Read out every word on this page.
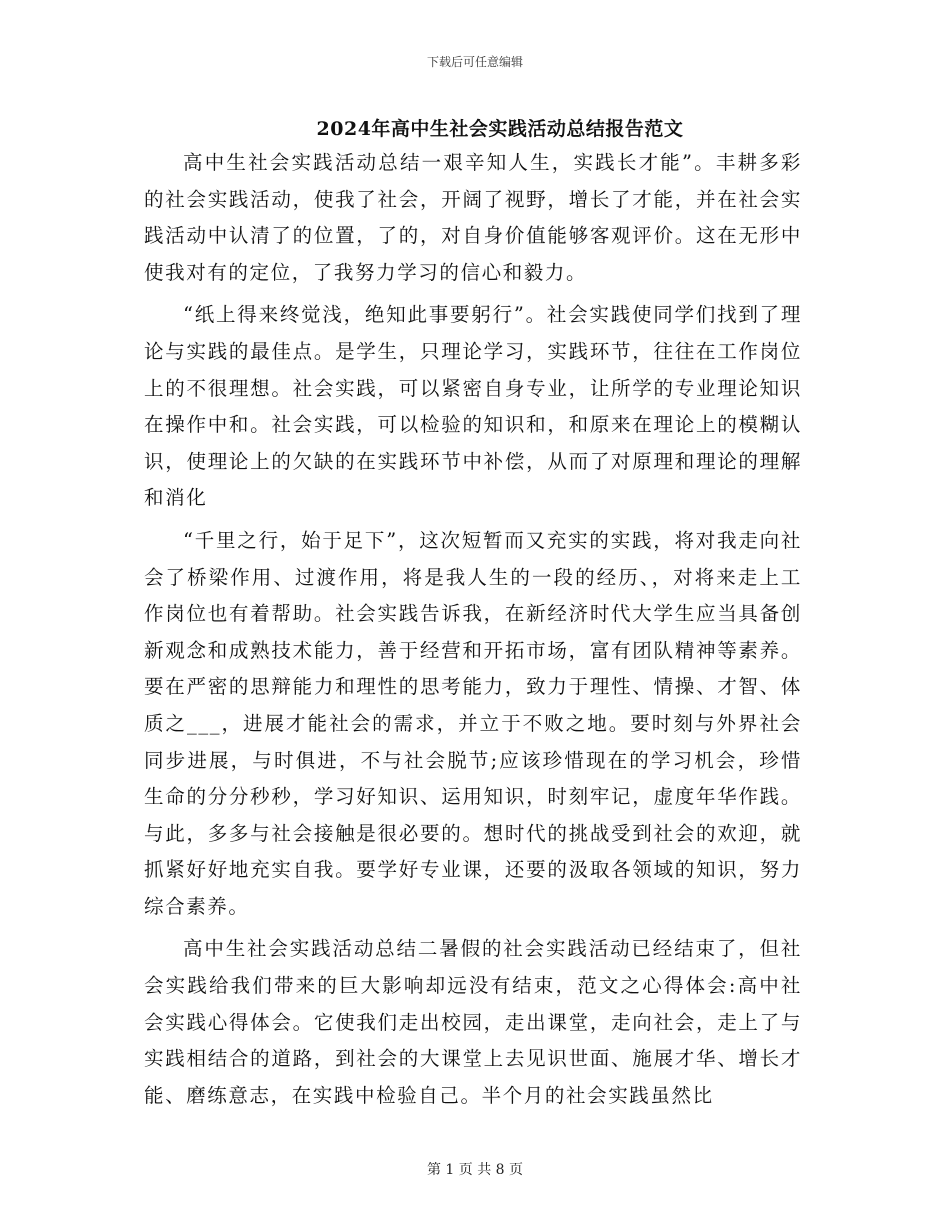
下载后可任意编辑
2024年高中生社会实践活动总结报告范文

高中生社会实践活动总结一艰辛知人生，实践长才能”。丰耕多彩的社会实践活动，使我了社会，开阔了视野，增长了才能，并在社会实践活动中认清了的位置，了的，对自身价值能够客观评价。这在无形中使我对有的定位，了我努力学习的信心和毅力。

“纸上得来终觉浅，绝知此事要躬行”。社会实践使同学们找到了理论与实践的最佳点。是学生，只理论学习，实践环节，往往在工作岗位上的不很理想。社会实践，可以紧密自身专业，让所学的专业理论知识在操作中和。社会实践，可以检验的知识和，和原来在理论上的模糊认识，使理论上的欠缺的在实践环节中补偿，从而了对原理和理论的理解和消化

“千里之行，始于足下”，这次短暂而又充实的实践，将对我走向社会了桥梁作用、过渡作用，将是我人生的一段的经历、，对将来走上工作岗位也有着帮助。社会实践告诉我，在新经济时代大学生应当具备创新观念和成熟技术能力，善于经营和开拓市场，富有团队精神等素养。要在严密的思辩能力和理性的思考能力，致力于理性、情操、才智、体质之___，进展才能社会的需求，并立于不败之地。要时刻与外界社会同步进展，与时俱进，不与社会脱节;应该珍惜现在的学习机会，珍惜生命的分分秒秒，学习好知识、运用知识，时刻牢记，虚度年华作践。与此，多多与社会接触是很必要的。想时代的挑战受到社会的欢迎，就抓紧好好地充实自我。要学好专业课，还要的汲取各领域的知识，努力综合素养。

高中生社会实践活动总结二暑假的社会实践活动已经结束了，但社会实践给我们带来的巨大影响却远没有结束，范文之心得体会:高中社会实践心得体会。它使我们走出校园，走出课堂，走向社会，走上了与实践相结合的道路，到社会的大课堂上去见识世面、施展才华、增长才能、磨练意志，在实践中检验自己。半个月的社会实践虽然比

第 1 页 共 8 页
